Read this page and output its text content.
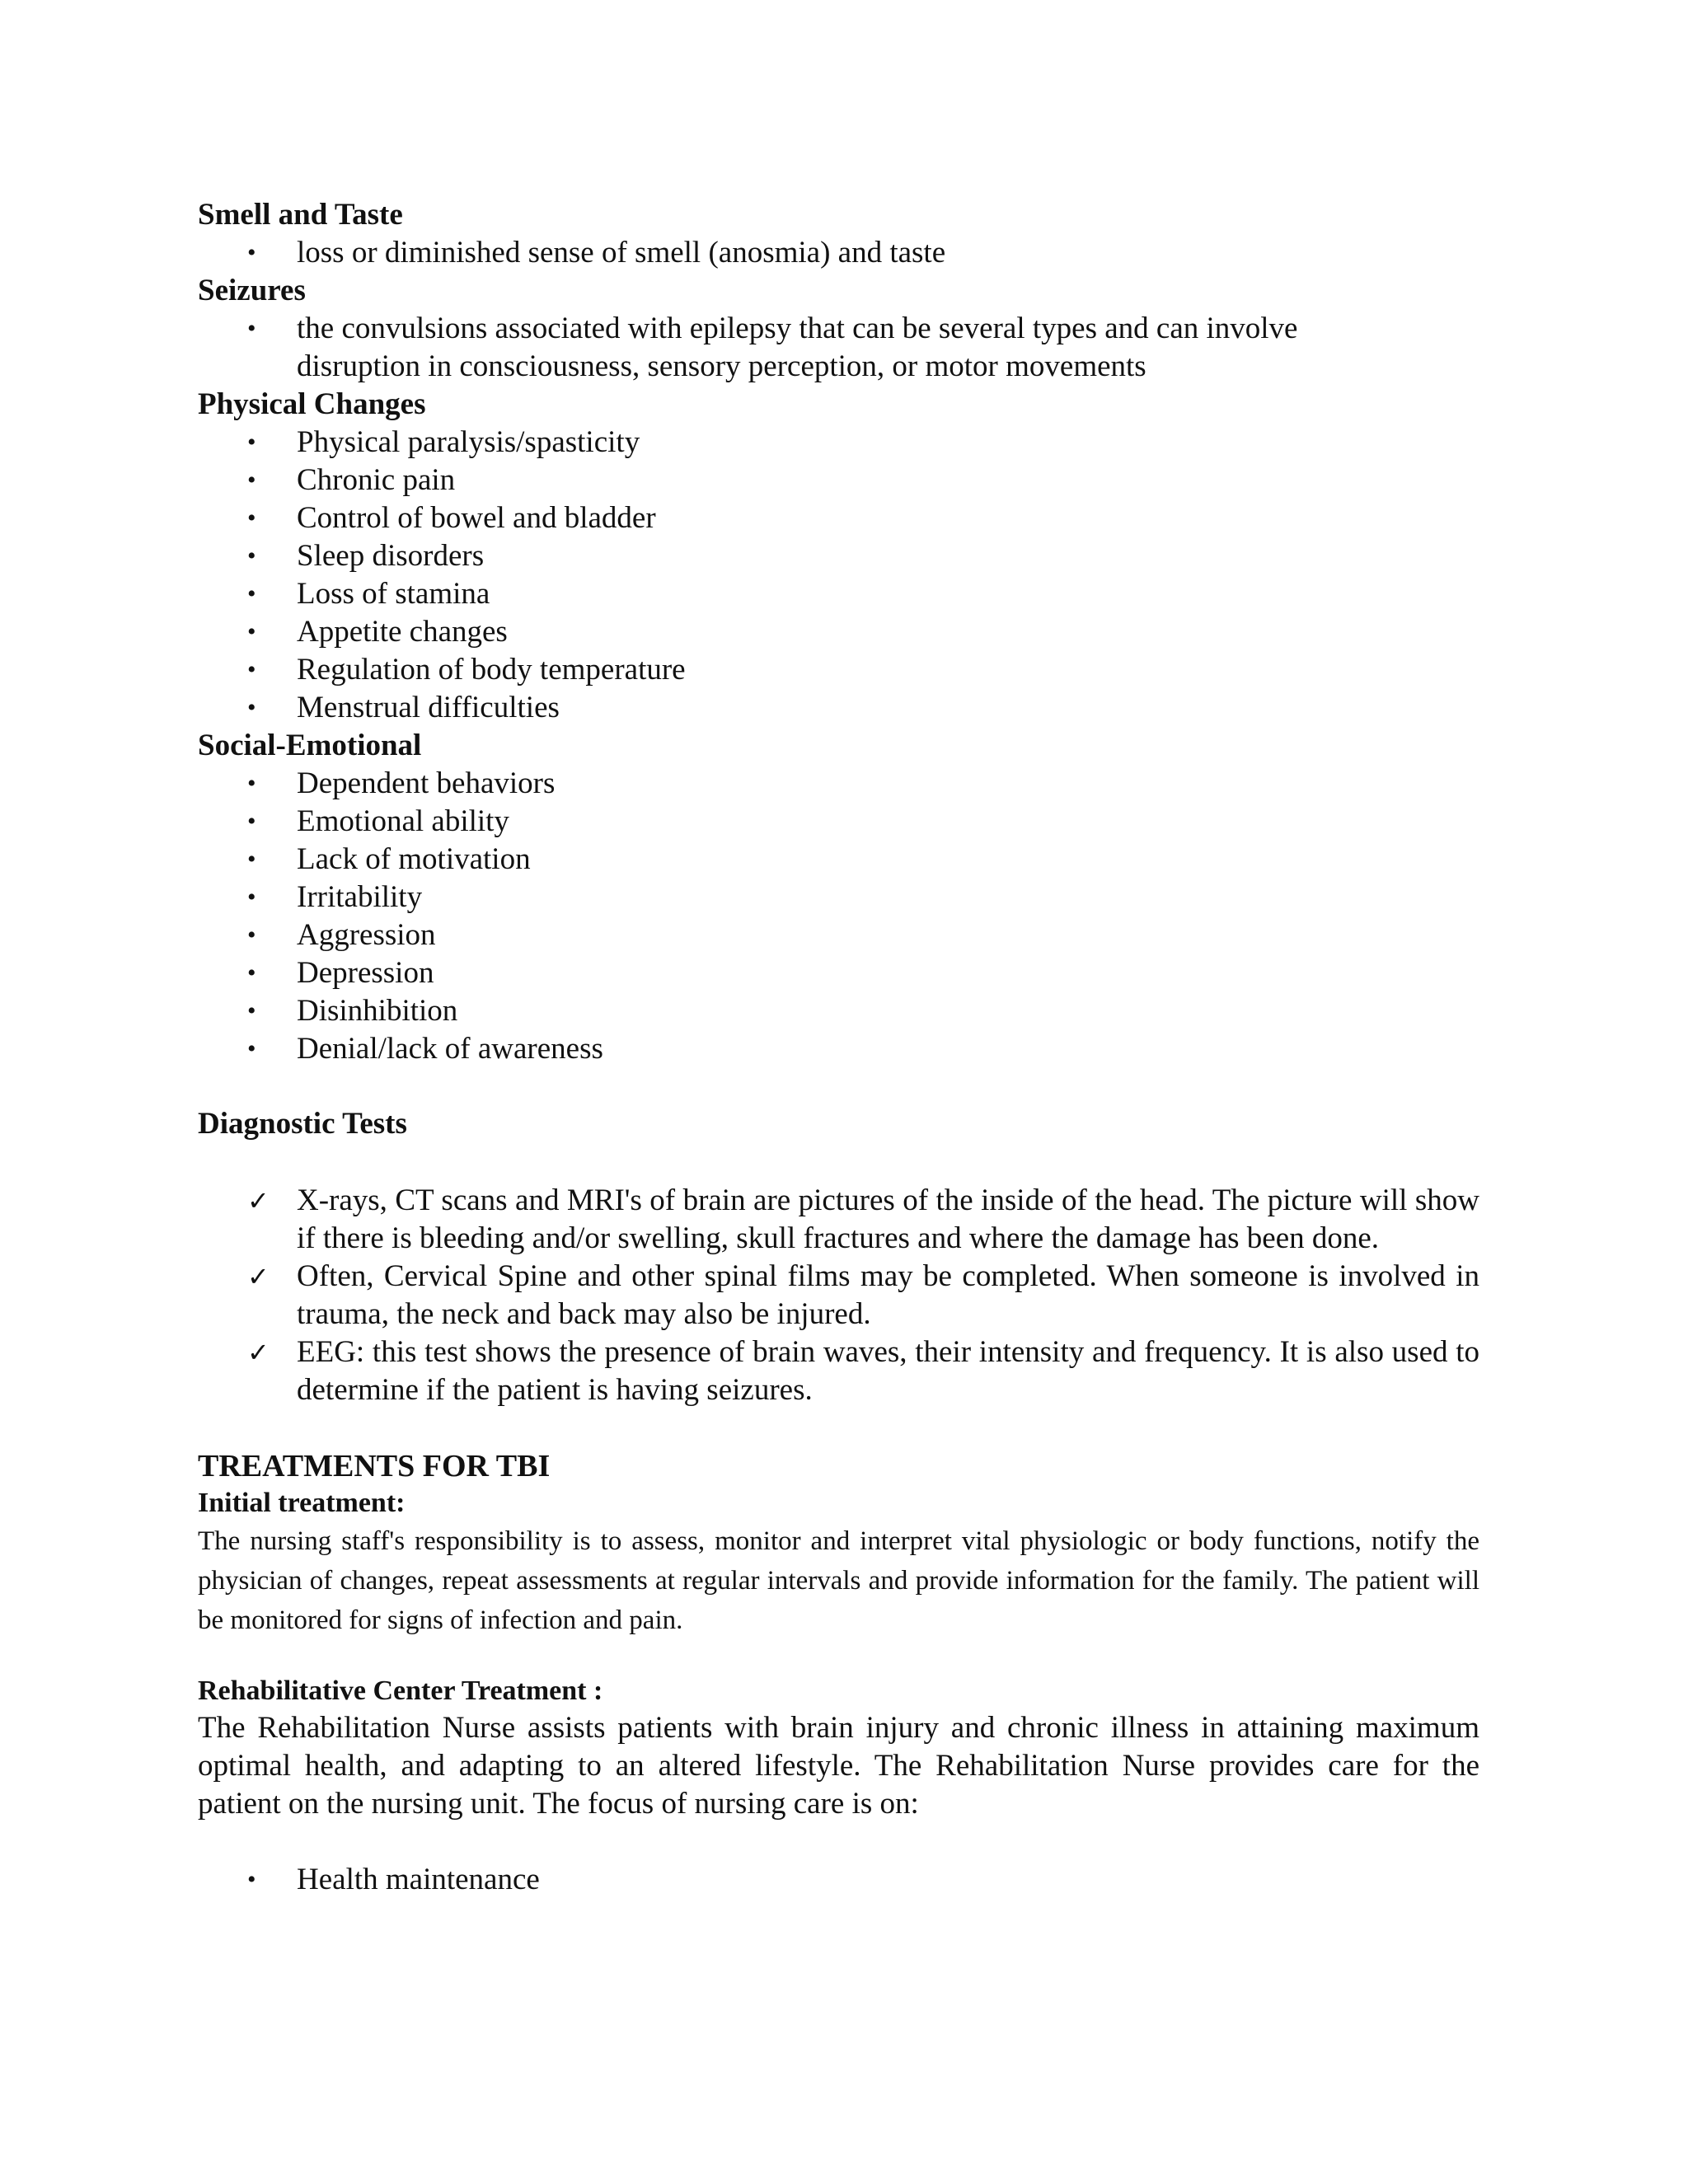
Smell and Taste

• loss or diminished sense of smell (anosmia) and taste

Seizures

• the convulsions associated with epilepsy that can be several types and can involve disruption in consciousness, sensory perception, or motor movements

Physical Changes

• Physical paralysis/spasticity
• Chronic pain
• Control of bowel and bladder
• Sleep disorders
• Loss of stamina
• Appetite changes
• Regulation of body temperature
• Menstrual difficulties

Social-Emotional

• Dependent behaviors
• Emotional ability
• Lack of motivation
• Irritability
• Aggression
• Depression
• Disinhibition
• Denial/lack of awareness

Diagnostic Tests

✓ X-rays, CT scans and MRI's of brain are pictures of the inside of the head. The picture will show if there is bleeding and/or swelling, skull fractures and where the damage has been done.
✓ Often, Cervical Spine and other spinal films may be completed. When someone is involved in trauma, the neck and back may also be injured.
✓ EEG: this test shows the presence of brain waves, their intensity and frequency. It is also used to determine if the patient is having seizures.

TREATMENTS FOR TBI

Initial treatment:

The nursing staff's responsibility is to assess, monitor and interpret vital physiologic or body functions, notify the physician of changes, repeat assessments at regular intervals and provide information for the family. The patient will be monitored for signs of infection and pain.

Rehabilitative Center Treatment :

The Rehabilitation Nurse assists patients with brain injury and chronic illness in attaining maximum optimal health, and adapting to an altered lifestyle. The Rehabilitation Nurse provides care for the patient on the nursing unit. The focus of nursing care is on:

• Health maintenance
